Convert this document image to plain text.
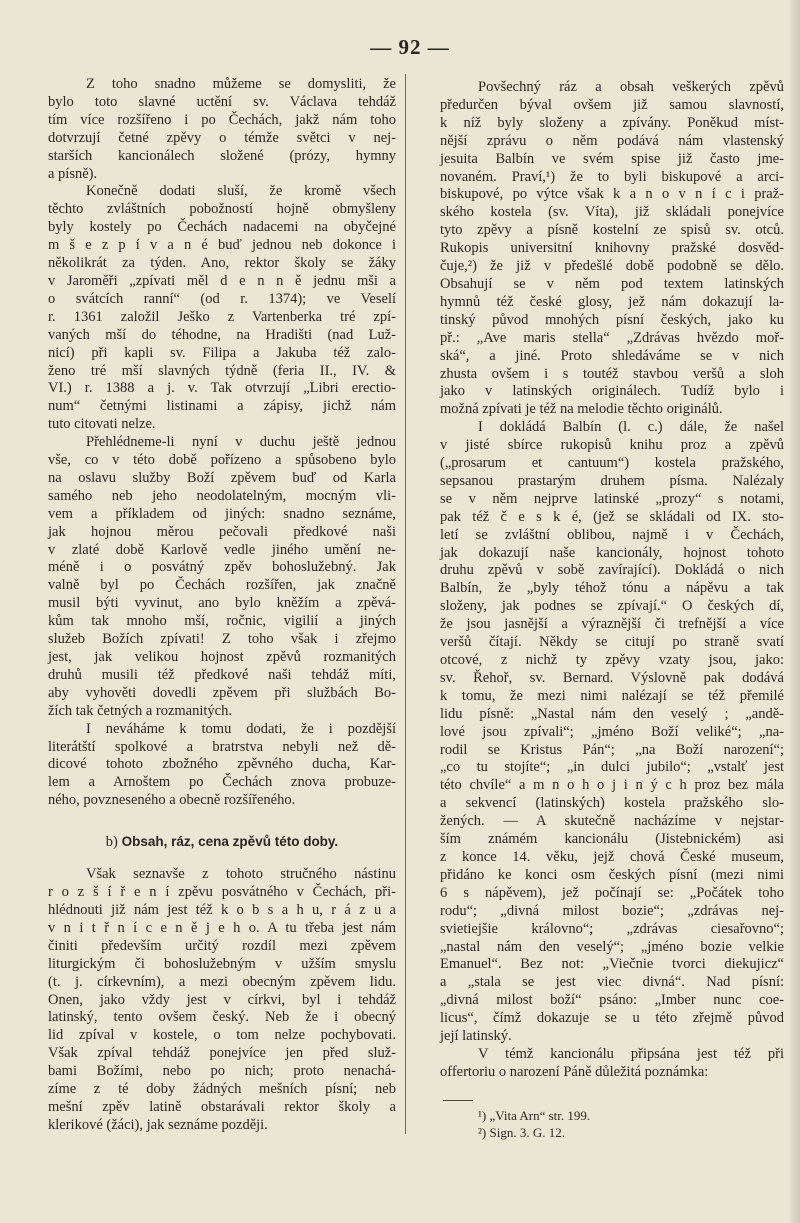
— 92 —
Z toho snadno můžeme se domysliti, že
bylo toto slavné uctění sv. Václava tehdáž
tím více rozšířeno i po Čechách, jakž nám toho
dotvrzují četné zpěvy o témže světci v nej-
starších kancionálech složené (prózy, hymny
a písně).
Konečně dodati sluší, že kromě všech
těchto zvláštních pobožností hojně obmyšleny
byly kostely po Čechách nadacemi na obyčejné
m š e z p í v a n é buď jednou neb dokonce i
několikrát za týden. Ano, rektor školy se žáky
v Jaroměři „zpívati měl d e n n ě jednu mši a
o svátcích ranní“ (od r. 1374); ve Veselí
r. 1361 založil Ješko z Vartenberka tré zpí-
vaných mší do téhodne, na Hradišti (nad Luž-
nicí) při kapli sv. Filipa a Jakuba též zalo-
ženo tré mší slavných týdně (feria II., IV. &
VI.) r. 1388 a j. v. Tak otvrzují „Libri erectio-
num“ četnými listinami a zápisy, jichž nám
tuto citovati nelze.
Přehlédneme-li nyní v duchu ještě jednou
vše, co v této době pořízeno a spůsobeno bylo
na oslavu služby Boží zpěvem buď od Karla
samého neb jeho neodolatelným, mocným vli-
vem a příkladem od jiných: snadno seznáme,
jak hojnou měrou pečovali předkové naši
v zlaté době Karlově vedle jiného umění ne-
méně i o posvátný zpěv bohoslužebný. Jak
valně byl po Čechách rozšířen, jak značně
musil býti vyvinut, ano bylo kněžím a zpěvá-
kům tak mnoho mší, ročnic, vigilií a jiných
služeb Božích zpívati! Z toho však i zřejmo
jest, jak velikou hojnost zpěvů rozmanitých
druhů musili též předkové naši tehdáž míti,
aby vyhověti dovedli zpěvem při službách Bo-
žích tak četných a rozmanitých.
I neváháme k tomu dodati, že i pozdější
literátští spolkové a bratrstva nebyli než dě-
dicové tohoto zbožného zpěvného ducha, Kar-
lem a Arnoštem po Čechách znova probuze-
ného, povzneseného a obecně rozšířeného.
b) Obsah, ráz, cena zpěvů této doby.
Však seznavše z tohoto stručného nástinu
r o z š í ř e n í zpěvu posvátného v Čechách, při-
hlédnouti již nám jest též k o b s a h u, r á z u a
v n i t ř n í c e n ě j e h o. A tu třeba jest nám
činiti především určitý rozdíl mezi zpěvem
liturgickým či bohoslužebným v užším smyslu
(t. j. církevním), a mezi obecným zpěvem lidu.
Onen, jako vždy jest v církvi, byl i tehdáž
latinský, tento ovšem český. Neb že i obecný
lid zpíval v kostele, o tom nelze pochybovati.
Však zpíval tehdáž ponejvíce jen před služ-
bami Božími, nebo po nich; proto nenachá-
zíme z té doby žádných mešních písní; neb
mešní zpěv latině obstarávali rektor školy a
klerikové (žáci), jak seznáme později.
Povšechný ráz a obsah veškerých zpěvů
předurčen býval ovšem již samou slavností,
k níž byly složeny a zpívány. Poněkud míst-
nější zprávu o něm podává nám vlastenský
jesuita Balbín ve svém spise již často jme-
novaném. Praví,¹) že to byli biskupové a arci-
biskupové, po výtce však k a n o v n í c i praž-
ského kostela (sv. Víta), již skládali ponejvíce
tyto zpěvy a písně kostelní ze spisů sv. otců.
Rukopis universitní knihovny pražské dosvěd-
čuje,²) že již v předešlé době podobně se dělo.
Obsahují se v něm pod textem latinských
hymnů též české glosy, jež nám dokazují la-
tinský původ mnohých písní českých, jako ku
př.: „Ave maris stella“ „Zdrávas hvězdo moř-
ská“, a jiné. Proto shledáváme se v nich
zhusta ovšem i s toutéž stavbou veršů a sloh
jako v latinských originálech. Tudíž bylo i
možná zpívati je též na melodie těchto originálů.
I dokládá Balbín (l. c.) dále, že našel
v jisté sbírce rukopisů knihu proz a zpěvů
(„prosarum et cantuum“) kostela pražského,
sepsanou prastarým druhem písma. Nalézaly
se v něm nejprve latinské „prozy“ s notami,
pak též č e s k é, (jež se skládali od IX. sto-
letí se zvláštní oblibou, najmě i v Čechách,
jak dokazují naše kancionály, hojnost tohoto
druhu zpěvů v sobě zavírající). Dokládá o nich
Balbín, že „byly téhož tónu a nápěvu a tak
složeny, jak podnes se zpívají.“ O českých dí,
že jsou jasnější a výraznější či trefnější a více
veršů čítají. Někdy se citují po straně svatí
otcové, z nichž ty zpěvy vzaty jsou, jako:
sv. Řehoř, sv. Bernard. Výslovně pak dodává
k tomu, že mezi nimi nalézají se též přemilé
lidu písně: „Nastal nám den veselý ; „andě-
lové jsou zpívali“; „jméno Boží veliké“; „na-
rodil se Kristus Pán“; „na Boží narození“;
„co tu stojíte“; „in dulci jubilo“; „vstalť jest
této chvíle“ a m n o h o j i n ý c h proz bez mála
a sekvencí (latinských) kostela pražského slo-
žených. — A skutečně nacházíme v nejstar-
ším známém kancionálu (Jistebnickém) asi
z konce 14. věku, jejž chová České museum,
přidáno ke konci osm českých písní (mezi nimi
6 s nápěvem), jež počínají se: „Počátek toho
rodu“; „divná milost bozie“; „zdrávas nej-
svietiejšie královno“; „zdrávas ciesařovno“;
„nastal nám den veselý“; „jméno bozie velkie
Emanuel“. Bez not: „Viečnie tvorci diekujicz“
a „stala se jest viec divná“. Nad písní:
„divná milost boží“ psáno: „Imber nunc coe-
licus“, čímž dokazuje se u této zřejmě původ
její latinský.
V témž kancionálu připsána jest též při
offertoriu o narození Páně důležitá poznámka:
¹) „Vita Arn“ str. 199.
²) Sign. 3. G. 12.
